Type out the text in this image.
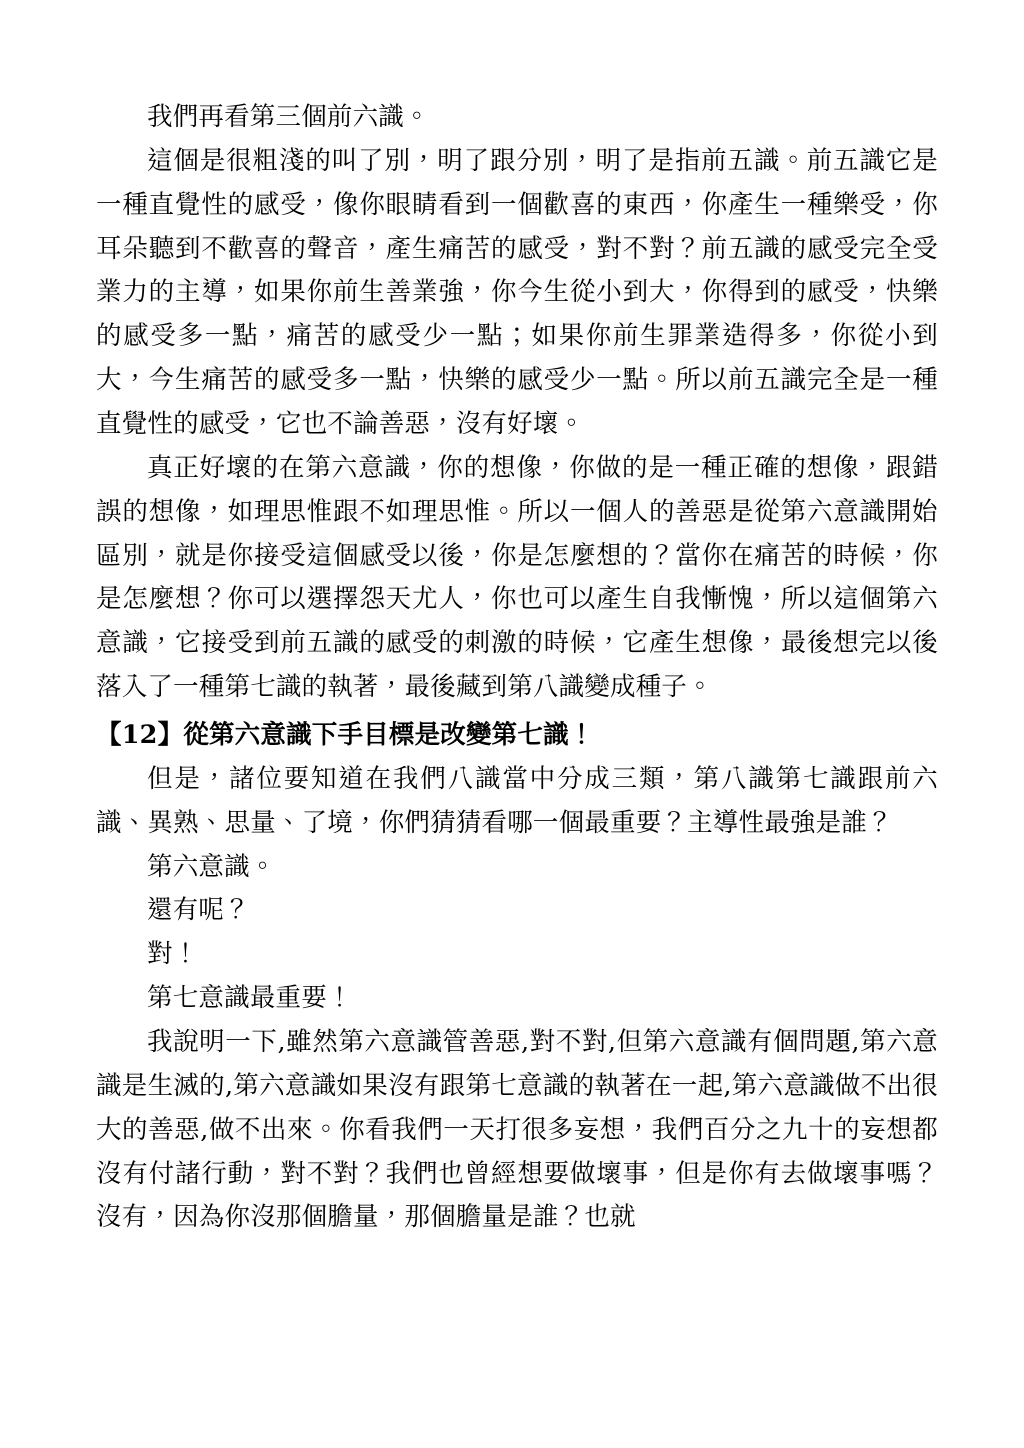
我們再看第三個前六識。

這個是很粗淺的叫了別，明了跟分別，明了是指前五識。前五識它是一種直覺性的感受，像你眼睛看到一個歡喜的東西，你產生一種樂受，你耳朵聽到不歡喜的聲音，產生痛苦的感受，對不對？前五識的感受完全受業力的主導，如果你前生善業強，你今生從小到大，你得到的感受，快樂的感受多一點，痛苦的感受少一點；如果你前生罪業造得多，你從小到大，今生痛苦的感受多一點，快樂的感受少一點。所以前五識完全是一種直覺性的感受，它也不論善惡，沒有好壞。

真正好壞的在第六意識，你的想像，你做的是一種正確的想像，跟錯誤的想像，如理思惟跟不如理思惟。所以一個人的善惡是從第六意識開始區別，就是你接受這個感受以後，你是怎麼想的？當你在痛苦的時候，你是怎麼想？你可以選擇怨天尤人，你也可以產生自我慚愧，所以這個第六意識，它接受到前五識的感受的刺激的時候，它產生想像，最後想完以後落入了一種第七識的執著，最後藏到第八識變成種子。

【12】從第六意識下手目標是改變第七識！

但是，諸位要知道在我們八識當中分成三類，第八識第七識跟前六識、異熟、思量、了境，你們猜猜看哪一個最重要？主導性最強是誰？

第六意識。

還有呢？

對！

第七意識最重要！

我說明一下,雖然第六意識管善惡,對不對,但第六意識有個問題,第六意識是生滅的,第六意識如果沒有跟第七意識的執著在一起,第六意識做不出很大的善惡,做不出來。你看我們一天打很多妄想，我們百分之九十的妄想都沒有付諸行動，對不對？我們也曾經想要做壞事，但是你有去做壞事嗎？沒有，因為你沒那個膽量，那個膽量是誰？也就
